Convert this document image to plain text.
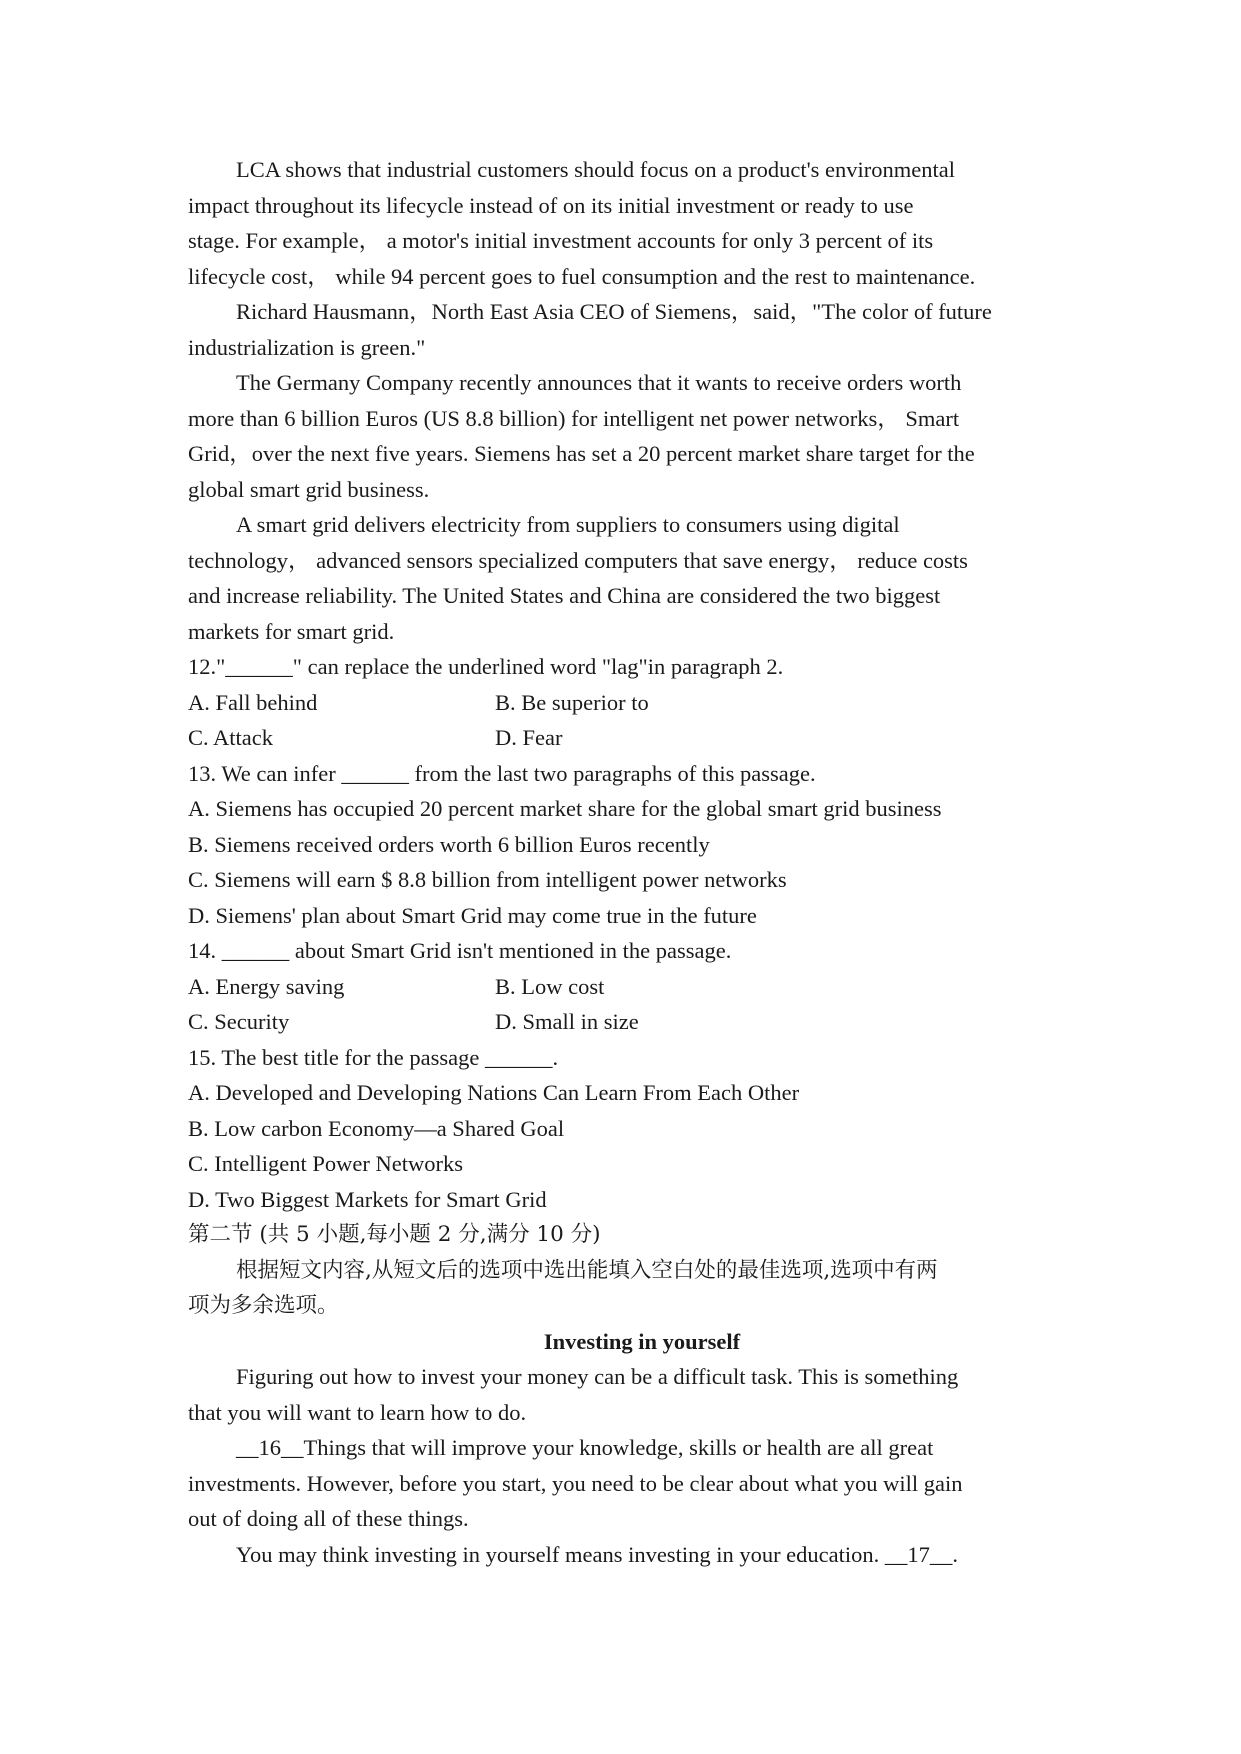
LCA shows that industrial customers should focus on a product's environmental
impact throughout its lifecycle instead of on its initial investment or ready to use
stage. For example， a motor's initial investment accounts for only 3 percent of its
lifecycle cost， while 94 percent goes to fuel consumption and the rest to maintenance.
Richard Hausmann，North East Asia CEO of Siemens，said，"The color of future
industrialization is green."
The Germany Company recently announces that it wants to receive orders worth
more than 6 billion Euros (US 8.8 billion) for intelligent net power networks， Smart
Grid，over the next five years. Siemens has set a 20 percent market share target for the
global smart grid business.
A smart grid delivers electricity from suppliers to consumers using digital
technology， advanced sensors specialized computers that save energy， reduce costs
and increase reliability. The United States and China are considered the two biggest
markets for smart grid.
12."______" can replace the underlined word "lag"in paragraph 2.
A. Fall behind	B. Be superior to
C. Attack	D. Fear
13. We can infer ______ from the last two paragraphs of this passage.
A. Siemens has occupied 20 percent market share for the global smart grid business
B. Siemens received orders worth 6 billion Euros recently
C. Siemens will earn $ 8.8 billion from intelligent power networks
D. Siemens' plan about Smart Grid may come true in the future
14. ______ about Smart Grid isn't mentioned in the passage.
A. Energy saving	B. Low cost
C. Security	D. Small in size
15. The best title for the passage ______.
A. Developed and Developing Nations Can Learn From Each Other
B. Low carbon Economy—a Shared Goal
C. Intelligent Power Networks
D. Two Biggest Markets for Smart Grid
第二节 (共 5 小题,每小题 2 分,满分 10 分)
根据短文内容,从短文后的选项中选出能填入空白处的最佳选项,选项中有两
项为多余选项。
Investing in yourself
Figuring out how to invest your money can be a difficult task. This is something
that you will want to learn how to do.
__16__Things that will improve your knowledge, skills or health are all great
investments. However, before you start, you need to be clear about what you will gain
out of doing all of these things.
You may think investing in yourself means investing in your education. __17__.
